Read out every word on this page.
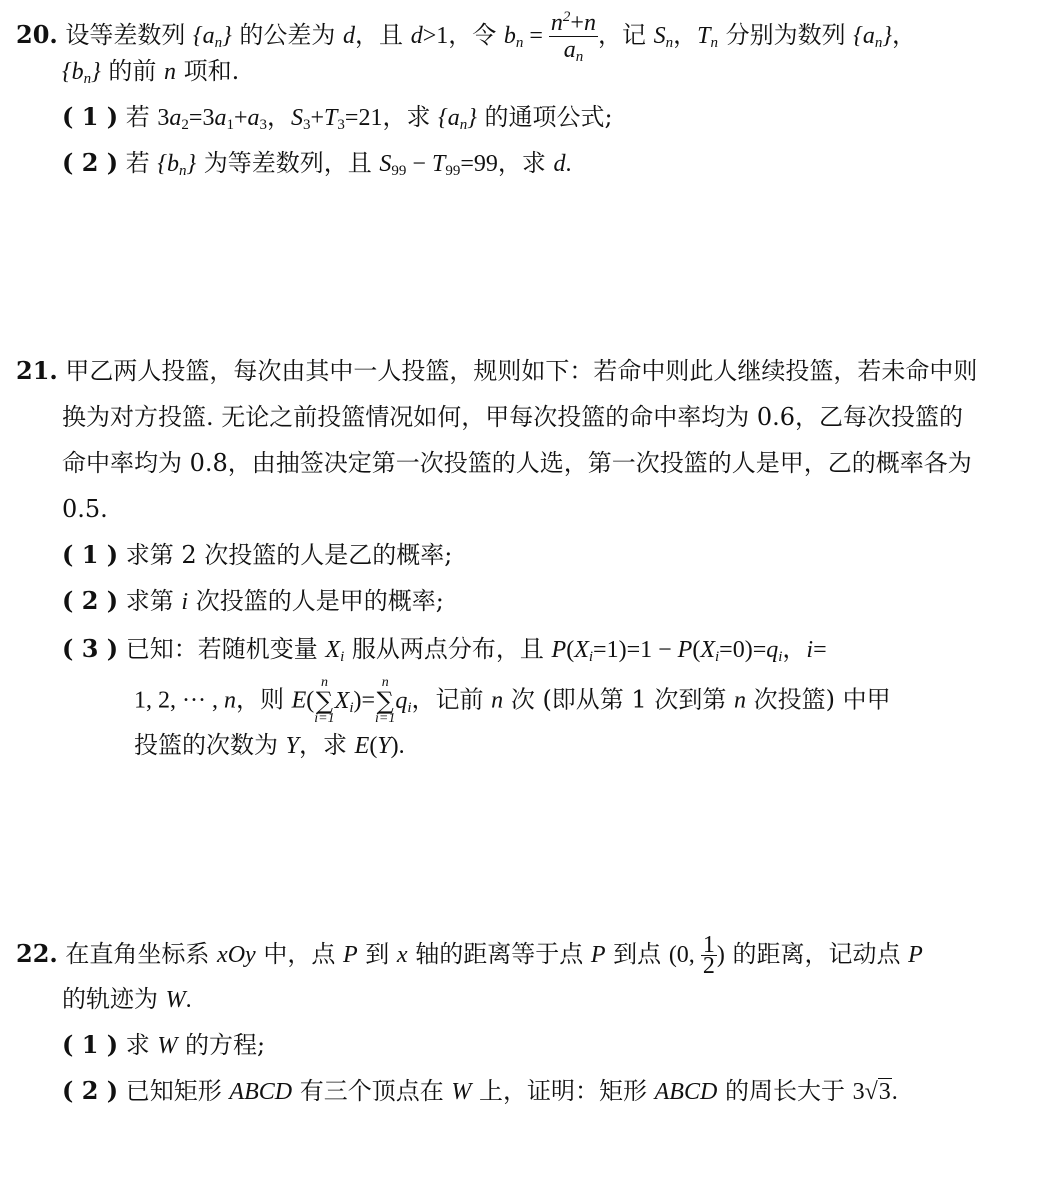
20. 设等差数列 $\{a_n\}$ 的公差为 d，且 d>1，令 $b_n = \frac{n^2+n}{a_n}$ ，记 $S_n$，$T_n$ 分别为数列 $\{a_n\}$，
$\{b_n\}$ 的前 n 项和.
( 1 ) 若 $3a_2=3a_1+a_3$，$S_3+T_3=21$，求 $\{a_n\}$ 的通项公式;
( 2 ) 若 $\{b_n\}$ 为等差数列，且 $S_{99} - T_{99}=99$，求 d.
21. 甲乙两人投篮，每次由其中一人投篮，规则如下：若命中则此人继续投篮，若未命中则
换为对方投篮. 无论之前投篮情况如何，甲每次投篮的命中率均为 0.6，乙每次投篮的
命中率均为 0.8，由抽签决定第一次投篮的人选，第一次投篮的人是甲，乙的概率各为
0.5.
( 1 ) 求第 2 次投篮的人是乙的概率;
( 2 ) 求第 i 次投篮的人是甲的概率;
( 3 ) 已知：若随机变量 $X_i$ 服从两点分布，且 $P(X_i=1)=1 - P(X_i=0)=q_i$，i=
1, 2, ··· , n，则 E(
n
∑
i=1
$X_i)=$
n
∑
i=1
$q_i$，记前 n 次 (即从第 1 次到第 n 次投篮) 中甲
投篮的次数为 Y，求 E(Y).
22. 在直角坐标系 xOy 中，点 P 到 x 轴的距离等于点 P 到点 (0, $\frac{1}{2}$ ) 的距离，记动点 P
的轨迹为 W.
( 1 ) 求 W 的方程;
( 2 ) 已知矩形 ABCD 有三个顶点在 W 上，证明：矩形 ABCD 的周长大于 3√3.
